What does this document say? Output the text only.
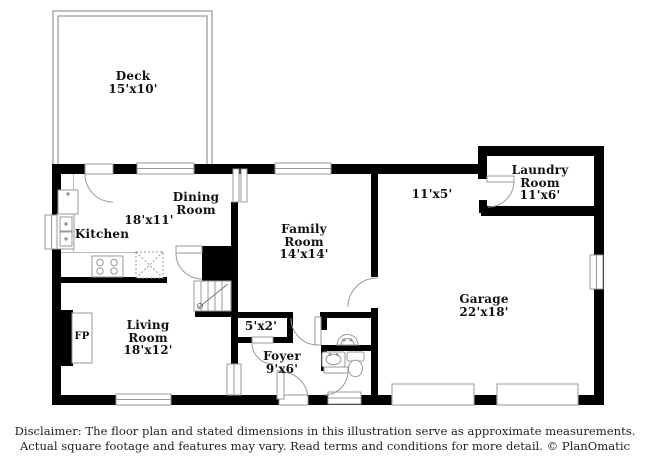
Deck
15'x10'
Kitchen
18'x11'
Dining
Room
Family
Room
14'x14'
11'x5'
Laundry
Room
11'x6'
Garage
22'x18'
Living
Room
18'x12'
FP
5'x2'
Foyer
9'x6'
Disclaimer: The floor plan and stated dimensions in this illustration serve as approximate measurements.
Actual square footage and features may vary. Read terms and conditions for more detail. © PlanOmatic
